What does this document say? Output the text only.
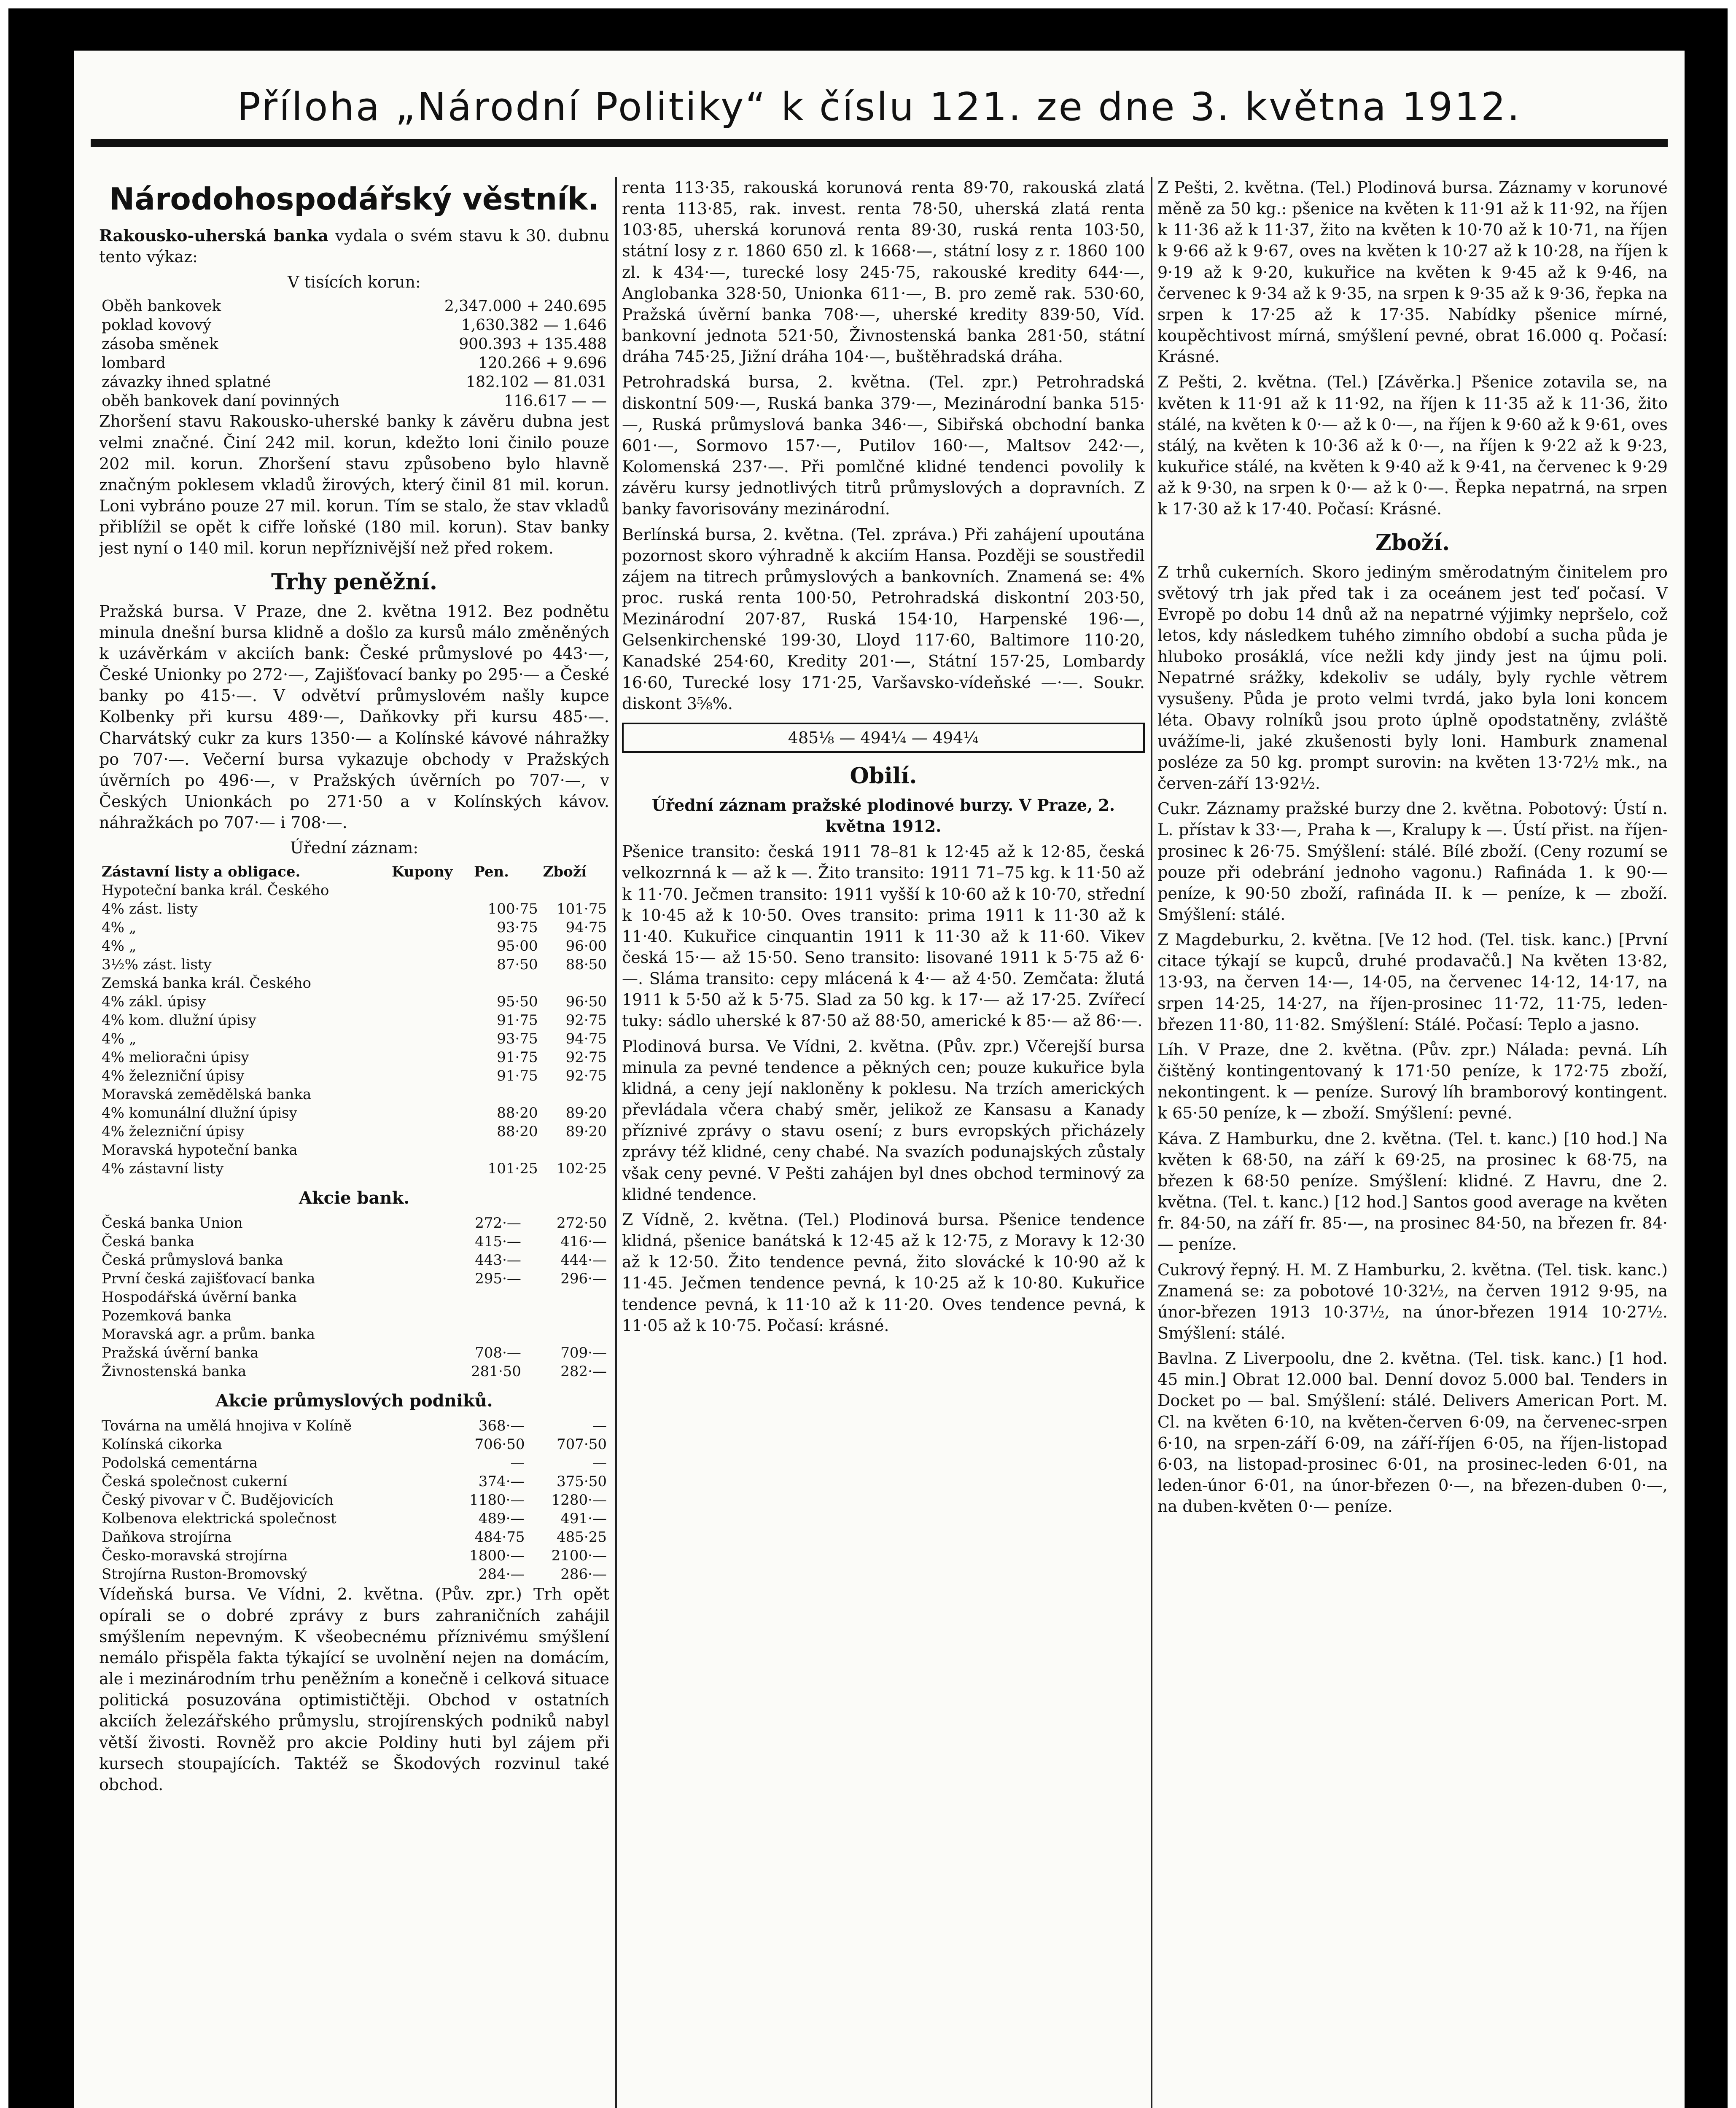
Příloha „Národní Politiky“ k číslu 121. ze dne 3. května 1912.
Národohospodářský věstník.

Rakousko-uherská banka vydala o svém stavu k 30. dubnu tento výkaz:

V tisících korun:

Oběh bankovek	2,347.000 + 240.695
poklad kovový	1,630.382 — 1.646
zásoba směnek	900.393 + 135.488
lombard	120.266 + 9.696
závazky ihned splatné	182.102 — 81.031
oběh bankovek daní povinných	116.617 — —

Zhoršení stavu Rakousko-uherské banky k závěru dubna jest velmi značné. Činí 242 mil. korun, kdežto loni činilo pouze 202 mil. korun. Zhoršení stavu způsobeno bylo hlavně značným poklesem vkladů žirových, který činil 81 mil. korun. Loni vybráno pouze 27 mil. korun. Tím se stalo, že stav vkladů přiblížil se opět k cifře loňské (180 mil. korun). Stav banky jest nyní o 140 mil. korun nepříznivější než před rokem.

Trhy peněžní.

Pražská bursa. V Praze, dne 2. května 1912. Bez podnětu minula dnešní bursa klidně a došlo za kursů málo změněných k uzávěrkám v akciích bank: České průmyslové po 443·—, České Unionky po 272·—, Zajišťovací banky po 295·— a České banky po 415·—. V odvětví průmyslovém našly kupce Kolbenky při kursu 489·—, Daňkovky při kursu 485·—. Charvátský cukr za kurs 1350·— a Kolínské kávové náhražky po 707·—. Večerní bursa vykazuje obchody v Pražských úvěrních po 496·—, v Pražských úvěrních po 707·—, v Českých Unionkách po 271·50 a v Kolínských kávov. náhražkách po 707·— i 708·—.

Úřední záznam:

Zástavní listy a obligace.	Kupony	Pen.	Zboží
Hypoteční banka král. Českého			
4% zást. listy		100·75	101·75
4% „		93·75	94·75
4% „		95·00	96·00
3½% zást. listy		87·50	88·50
Zemská banka král. Českého			
4% zákl. úpisy		95·50	96·50
4% kom. dlužní úpisy		91·75	92·75
4% „		93·75	94·75
4% melioračni úpisy		91·75	92·75
4% železniční úpisy		91·75	92·75
Moravská zemědělská banka			
4% komunální dlužní úpisy		88·20	89·20
4% železniční úpisy		88·20	89·20
Moravská hypoteční banka			
4% zástavní listy		101·25	102·25
Akcie bank.
Česká banka Union	272·—	272·50
Česká banka	415·—	416·—
Česká průmyslová banka	443·—	444·—
První česká zajišťovací banka	295·—	296·—
Hospodářská úvěrní banka		
Pozemková banka		
Moravská agr. a prům. banka		
Pražská úvěrní banka	708·—	709·—
Živnostenská banka	281·50	282·—
Akcie průmyslových podniků.
Továrna na umělá hnojiva v Kolíně	368·—	—
Kolínská cikorka	706·50	707·50
Podolská cementárna	—	—
Česká společnost cukerní	374·—	375·50
Český pivovar v Č. Budějovicích	1180·—	1280·—
Kolbenova elektrická společnost	489·—	491·—
Daňkova strojírna	484·75	485·25
Česko-moravská strojírna	1800·—	2100·—
Strojírna Ruston-Bromovský	284·—	286·—

Vídeňská bursa. Ve Vídni, 2. května. (Pův. zpr.) Trh opět opírali se o dobré zprávy z burs zahraničních zahájil smýšlením nepevným. K všeobecnému příznivému smýšlení nemálo přispěla fakta týkající se uvolnění nejen na domácím, ale i mezinárodním trhu peněžním a konečně i celková situace politická posuzována optimističtěji. Obchod v ostatních akciích železářského průmyslu, strojírenských podniků nabyl větší živosti. Rovněž pro akcie Poldiny huti byl zájem při kursech stoupajících. Taktéž se Škodových rozvinul také obchod.

renta 113·35, rakouská korunová renta 89·70, rakouská zlatá renta 113·85, rak. invest. renta 78·50, uherská zlatá renta 103·85, uherská korunová renta 89·30, ruská renta 103·50, státní losy z r. 1860 650 zl. k 1668·—, státní losy z r. 1860 100 zl. k 434·—, turecké losy 245·75, rakouské kredity 644·—, Anglobanka 328·50, Unionka 611·—, B. pro země rak. 530·60, Pražská úvěrní banka 708·—, uherské kredity 839·50, Víd. bankovní jednota 521·50, Živnostenská banka 281·50, státní dráha 745·25, Jižní dráha 104·—, buštěhradská dráha.

Petrohradská bursa, 2. května. (Tel. zpr.) Petrohradská diskontní 509·—, Ruská banka 379·—, Mezinárodní banka 515·—, Ruská průmyslová banka 346·—, Sibiřská obchodní banka 601·—, Sormovo 157·—, Putilov 160·—, Maltsov 242·—, Kolomenská 237·—. Při pomlčné klidné tendenci povolily k závěru kursy jednotlivých titrů průmyslových a dopravních. Z banky favorisovány mezinárodní.

Berlínská bursa, 2. května. (Tel. zpráva.) Při zahájení upoutána pozornost skoro výhradně k akciím Hansa. Později se soustředil zájem na titrech průmyslových a bankovních. Znamená se: 4% proc. ruská renta 100·50, Petrohradská diskontní 203·50, Mezinárodní 207·87, Ruská 154·10, Harpenské 196·—, Gelsenkirchenské 199·30, Lloyd 117·60, Baltimore 110·20, Kanadské 254·60, Kredity 201·—, Státní 157·25, Lombardy 16·60, Turecké losy 171·25, Varšavsko-vídeňské —·—. Soukr. diskont 3⅝%.

485⅛ — 494¼ — 494¼
Obilí.

Úřední záznam pražské plodinové burzy. V Praze, 2. května 1912.

Pšenice transito: česká 1911 78–81 k 12·45 až k 12·85, česká velkozrnná k — až k —. Žito transito: 1911 71–75 kg. k 11·50 až k 11·70. Ječmen transito: 1911 vyšší k 10·60 až k 10·70, střední k 10·45 až k 10·50. Oves transito: prima 1911 k 11·30 až k 11·40. Kukuřice cinquantin 1911 k 11·30 až k 11·60. Vikev česká 15·— až 15·50. Seno transito: lisované 1911 k 5·75 až 6·—. Sláma transito: cepy mlácená k 4·— až 4·50. Zemčata: žlutá 1911 k 5·50 až k 5·75. Slad za 50 kg. k 17·— až 17·25. Zvířecí tuky: sádlo uherské k 87·50 až 88·50, americké k 85·— až 86·—.

Plodinová bursa. Ve Vídni, 2. května. (Pův. zpr.) Včerejší bursa minula za pevné tendence a pěkných cen; pouze kukuřice byla klidná, a ceny její nakloněny k poklesu. Na trzích amerických převládala včera chabý směr, jelikož ze Kansasu a Kanady příznivé zprávy o stavu osení; z burs evropských přicházely zprávy též klidné, ceny chabé. Na svazích podunajských zůstaly však ceny pevné. V Pešti zahájen byl dnes obchod terminový za klidné tendence.

Z Vídně, 2. května. (Tel.) Plodinová bursa. Pšenice tendence klidná, pšenice banátská k 12·45 až k 12·75, z Moravy k 12·30 až k 12·50. Žito tendence pevná, žito slovácké k 10·90 až k 11·45. Ječmen tendence pevná, k 10·25 až k 10·80. Kukuřice tendence pevná, k 11·10 až k 11·20. Oves tendence pevná, k 11·05 až k 10·75. Počasí: krásné.

Z Pešti, 2. května. (Tel.) Plodinová bursa. Záznamy v korunové měně za 50 kg.: pšenice na květen k 11·91 až k 11·92, na říjen k 11·36 až k 11·37, žito na květen k 10·70 až k 10·71, na říjen k 9·66 až k 9·67, oves na květen k 10·27 až k 10·28, na říjen k 9·19 až k 9·20, kukuřice na květen k 9·45 až k 9·46, na červenec k 9·34 až k 9·35, na srpen k 9·35 až k 9·36, řepka na srpen k 17·25 až k 17·35. Nabídky pšenice mírné, koupěchtivost mírná, smýšlení pevné, obrat 16.000 q. Počasí: Krásné.

Z Pešti, 2. května. (Tel.) [Závěrka.] Pšenice zotavila se, na květen k 11·91 až k 11·92, na říjen k 11·35 až k 11·36, žito stálé, na květen k 0·— až k 0·—, na říjen k 9·60 až k 9·61, oves stálý, na květen k 10·36 až k 0·—, na říjen k 9·22 až k 9·23, kukuřice stálé, na květen k 9·40 až k 9·41, na červenec k 9·29 až k 9·30, na srpen k 0·— až k 0·—. Řepka nepatrná, na srpen k 17·30 až k 17·40. Počasí: Krásné.

Zboží.

Z trhů cukerních. Skoro jediným směrodatným činitelem pro světový trh jak před tak i za oceánem jest teď počasí. V Evropě po dobu 14 dnů až na nepatrné výjimky nepršelo, což letos, kdy následkem tuhého zimního období a sucha půda je hluboko prosáklá, více nežli kdy jindy jest na újmu poli. Nepatrné srážky, kdekoliv se udály, byly rychle větrem vysušeny. Půda je proto velmi tvrdá, jako byla loni koncem léta. Obavy rolníků jsou proto úplně opodstatněny, zvláště uvážíme-li, jaké zkušenosti byly loni. Hamburk znamenal posléze za 50 kg. prompt surovin: na květen 13·72½ mk., na červen-září 13·92½.

Cukr. Záznamy pražské burzy dne 2. května. Pobotový: Ústí n. L. přístav k 33·—, Praha k —, Kralupy k —. Ústí přist. na říjen-prosinec k 26·75. Smýšlení: stálé. Bílé zboží. (Ceny rozumí se pouze při odebrání jednoho vagonu.) Rafináda 1. k 90·— peníze, k 90·50 zboží, rafináda II. k — peníze, k — zboží. Smýšlení: stálé.

Z Magdeburku, 2. května. [Ve 12 hod. (Tel. tisk. kanc.) [První citace týkají se kupců, druhé prodavačů.] Na květen 13·82, 13·93, na červen 14·—, 14·05, na červenec 14·12, 14·17, na srpen 14·25, 14·27, na říjen-prosinec 11·72, 11·75, leden-březen 11·80, 11·82. Smýšlení: Stálé. Počasí: Teplo a jasno.

Líh. V Praze, dne 2. května. (Pův. zpr.) Nálada: pevná. Líh čištěný kontingentovaný k 171·50 peníze, k 172·75 zboží, nekontingent. k — peníze. Surový líh bramborový kontingent. k 65·50 peníze, k — zboží. Smýšlení: pevné.

Káva. Z Hamburku, dne 2. května. (Tel. t. kanc.) [10 hod.] Na květen k 68·50, na září k 69·25, na prosinec k 68·75, na březen k 68·50 peníze. Smýšlení: klidné. Z Havru, dne 2. května. (Tel. t. kanc.) [12 hod.] Santos good average na květen fr. 84·50, na září fr. 85·—, na prosinec 84·50, na březen fr. 84·— peníze.

Cukrový řepný. H. M. Z Hamburku, 2. května. (Tel. tisk. kanc.) Znamená se: za pobotové 10·32½, na červen 1912 9·95, na únor-březen 1913 10·37½, na únor-březen 1914 10·27½. Smýšlení: stálé.

Bavlna. Z Liverpoolu, dne 2. května. (Tel. tisk. kanc.) [1 hod. 45 min.] Obrat 12.000 bal. Denní dovoz 5.000 bal. Tenders in Docket po — bal. Smýšlení: stálé. Delivers American Port. M. Cl. na květen 6·10, na květen-červen 6·09, na červenec-srpen 6·10, na srpen-září 6·09, na září-říjen 6·05, na říjen-listopad 6·03, na listopad-prosinec 6·01, na prosinec-leden 6·01, na leden-únor 6·01, na únor-březen 0·—, na březen-duben 0·—, na duben-květen 0·— peníze.
